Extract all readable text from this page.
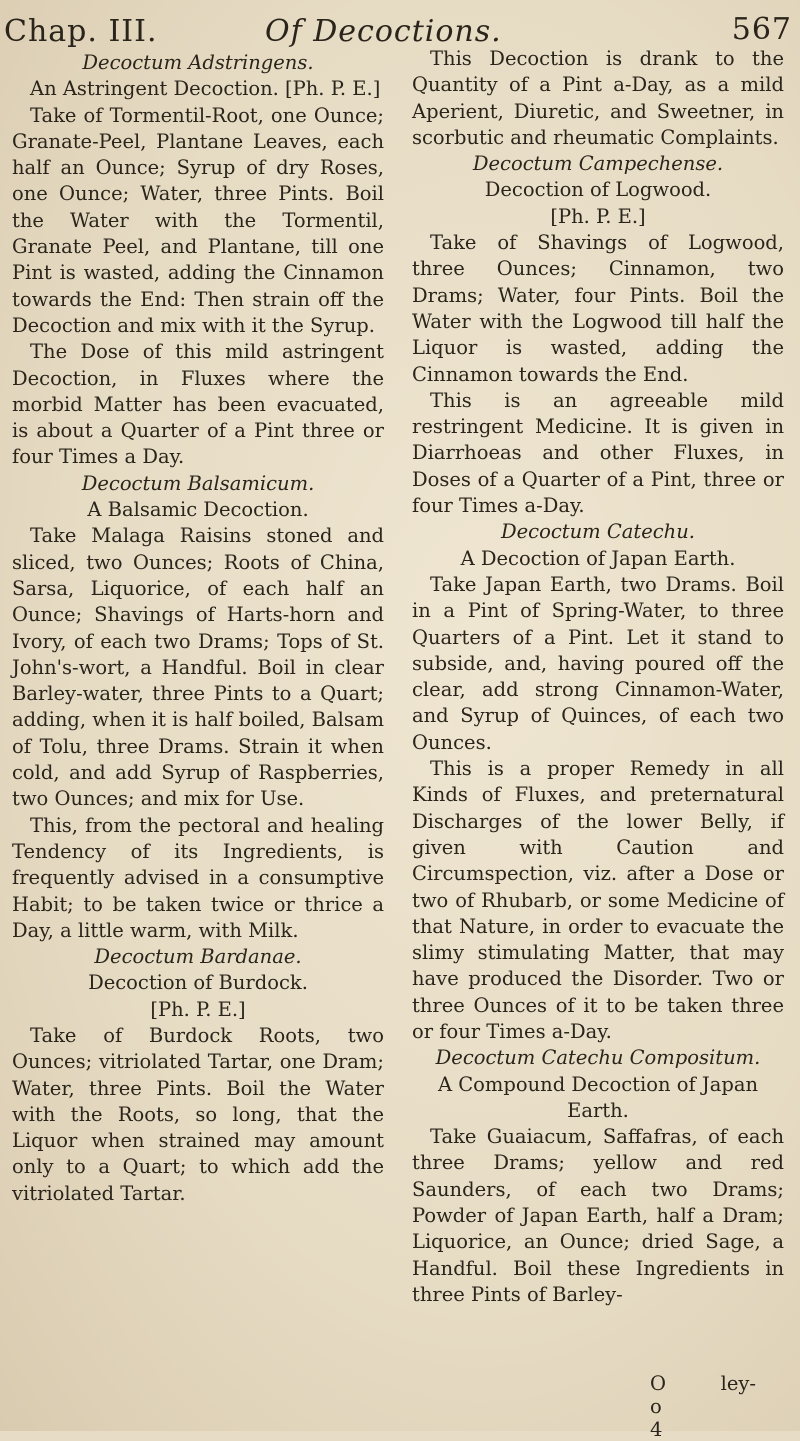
Chap. III.	Of Decoctions.	567

Decoctum Adstringens.

An Astringent Decoction. [Ph. P. E.]

Take of Tormentil-Root, one Ounce; Granate-Peel, Plantane Leaves, each half an Ounce; Syrup of dry Roses, one Ounce; Water, three Pints. Boil the Water with the Tormentil, Granate Peel, and Plantane, till one Pint is wasted, adding the Cinnamon towards the End: Then strain off the Decoction and mix with it the Syrup.

The Dose of this mild astringent Decoction, in Fluxes where the morbid Matter has been evacuated, is about a Quarter of a Pint three or four Times a Day.

Decoctum Balsamicum.

A Balsamic Decoction.

Take Malaga Raisins stoned and sliced, two Ounces; Roots of China, Sarsa, Liquorice, of each half an Ounce; Shavings of Harts-horn and Ivory, of each two Drams; Tops of St. John's-wort, a Handful. Boil in clear Barley-water, three Pints to a Quart; adding, when it is half boiled, Balsam of Tolu, three Drams. Strain it when cold, and add Syrup of Raspberries, two Ounces; and mix for Use.

This, from the pectoral and healing Tendency of its Ingredients, is frequently advised in a consumptive Habit; to be taken twice or thrice a Day, a little warm, with Milk.

Decoctum Bardanae.

Decoction of Burdock.

[Ph. P. E.]

Take of Burdock Roots, two Ounces; vitriolated Tartar, one Dram; Water, three Pints. Boil the Water with the Roots, so long, that the Liquor when strained may amount only to a Quart; to which add the vitriolated Tartar.

This Decoction is drank to the Quantity of a Pint a-Day, as a mild Aperient, Diuretic, and Sweetner, in scorbutic and rheumatic Complaints.

Decoctum Campechense.

Decoction of Logwood.

[Ph. P. E.]

Take of Shavings of Logwood, three Ounces; Cinnamon, two Drams; Water, four Pints. Boil the Water with the Logwood till half the Liquor is wasted, adding the Cinnamon towards the End.

This is an agreeable mild restringent Medicine. It is given in Diarrhoeas and other Fluxes, in Doses of a Quarter of a Pint, three or four Times a-Day.

Decoctum Catechu.

A Decoction of Japan Earth.

Take Japan Earth, two Drams. Boil in a Pint of Spring-Water, to three Quarters of a Pint. Let it stand to subside, and, having poured off the clear, add strong Cinnamon-Water, and Syrup of Quinces, of each two Ounces.

This is a proper Remedy in all Kinds of Fluxes, and preternatural Discharges of the lower Belly, if given with Caution and Circumspection, viz. after a Dose or two of Rhubarb, or some Medicine of that Nature, in order to evacuate the slimy stimulating Matter, that may have produced the Disorder. Two or three Ounces of it to be taken three or four Times a-Day.

Decoctum Catechu Compositum.

A Compound Decoction of Japan Earth.

Take Guaiacum, Saffafras, of each three Drams; yellow and red Saunders, of each two Drams; Powder of Japan Earth, half a Dram; Liquorice, an Ounce; dried Sage, a Handful. Boil these Ingredients in three Pints of Barley-

O o 4
ley-
